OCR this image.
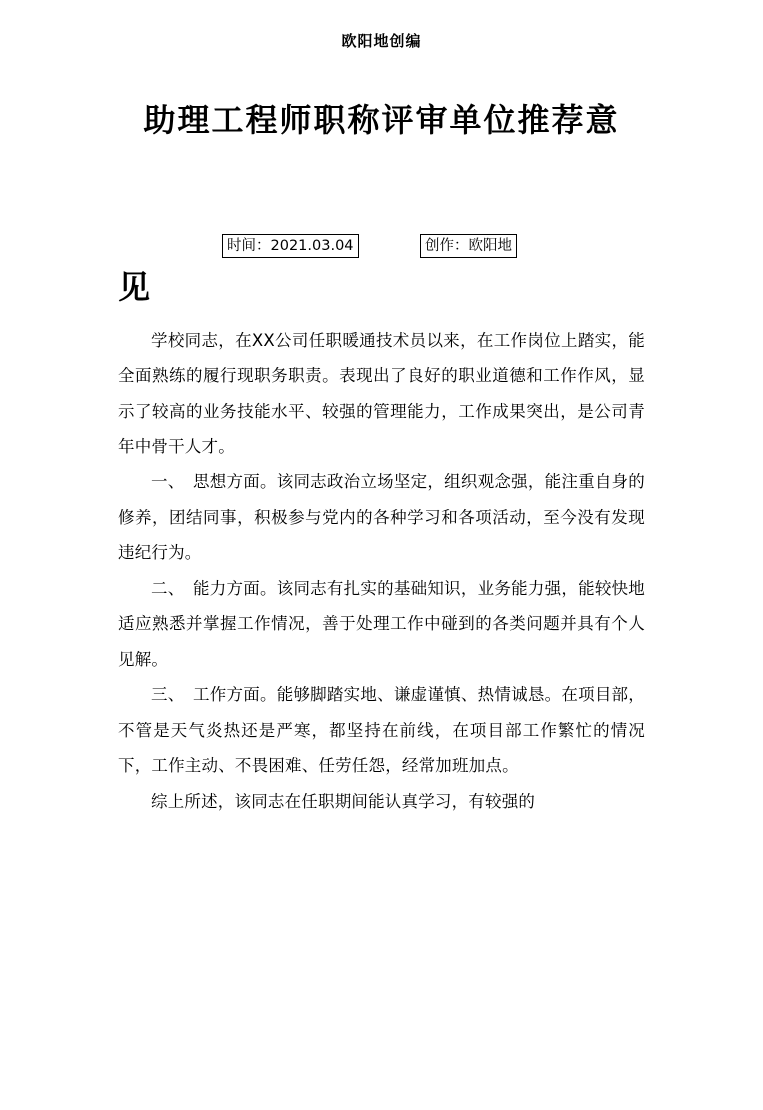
欧阳地创编
助理工程师职称评审单位推荐意
时间：2021.03.04	创作：欧阳地
见

学校同志，在XX公司任职暖通技术员以来，在工作岗位上踏实，能全面熟练的履行现职务职责。表现出了良好的职业道德和工作作风，显示了较高的业务技能水平、较强的管理能力，工作成果突出，是公司青年中骨干人才。

一、　思想方面。该同志政治立场坚定，组织观念强，能注重自身的修养，团结同事，积极参与党内的各种学习和各项活动，至今没有发现违纪行为。

二、　能力方面。该同志有扎实的基础知识，业务能力强，能较快地适应熟悉并掌握工作情况，善于处理工作中碰到的各类问题并具有个人见解。

三、　工作方面。能够脚踏实地、谦虚谨慎、热情诚恳。在项目部，不管是天气炎热还是严寒，都坚持在前线，在项目部工作繁忙的情况下，工作主动、不畏困难、任劳任怨，经常加班加点。

综上所述，该同志在任职期间能认真学习，有较强的
